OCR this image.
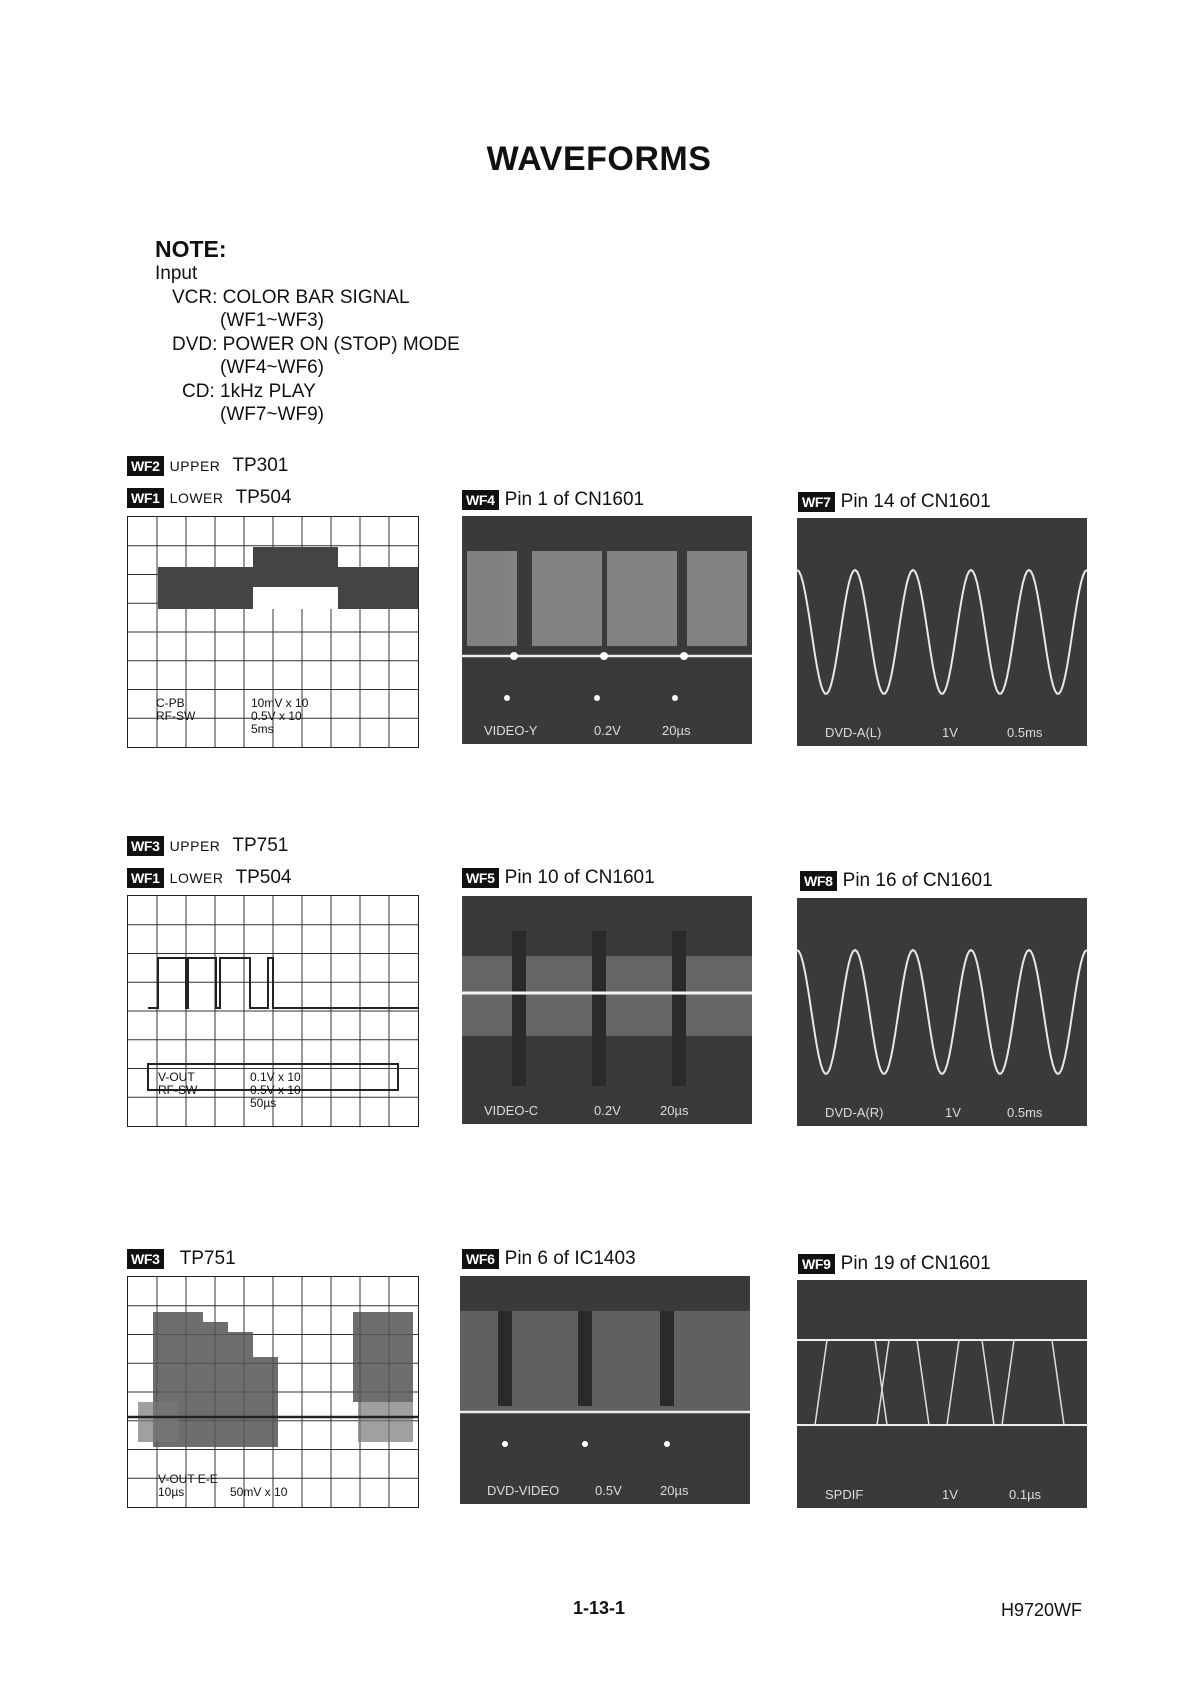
WAVEFORMS
NOTE:
Input
VCR: COLOR BAR SIGNAL
(WF1~WF3)
DVD: POWER ON (STOP) MODE
(WF4~WF6)
CD: 1kHz PLAY
(WF7~WF9)
WF2 UPPER TP301
WF1 LOWER TP504
C-PB
RF-SW
10mV x 10
0.5V x 10
5ms
WF4 Pin 1 of CN1601
VIDEO-Y	0.2V	20µs
WF7 Pin 14 of CN1601
DVD-A(L)	1V	0.5ms
WF3 UPPER TP751
WF1 LOWER TP504
V-OUT
RF-SW
0.1V x 10
0.5V x 10
50µs
WF5 Pin 10 of CN1601
VIDEO-C	0.2V	20µs
WF8 Pin 16 of CN1601
DVD-A(R)	1V	0.5ms
WF3 TP751
V-OUT E-E
10µs	50mV x 10
WF6 Pin 6 of IC1403
DVD-VIDEO	0.5V	20µs
WF9 Pin 19 of CN1601
SPDIF	1V	0.1µs
1-13-1	H9720WF
